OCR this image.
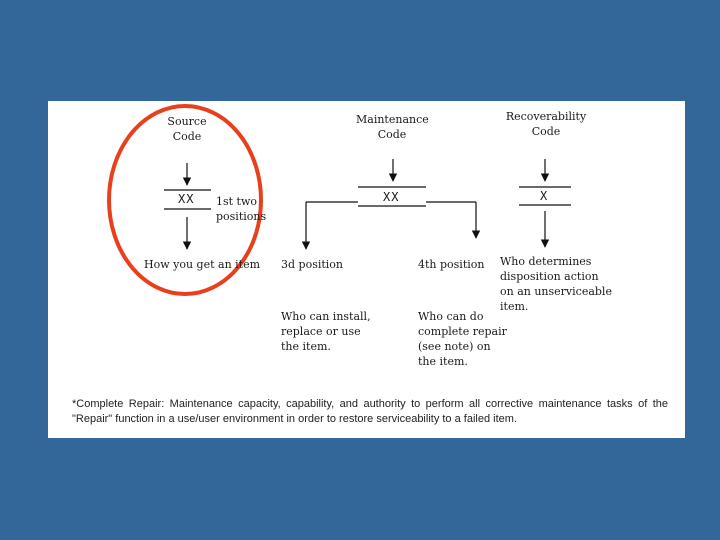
Source
Code
XX 1st two
positions
How you get an item
Maintenance
Code
XX
3d position
Who can install,
replace or use
the item.
4th position
Who can do
complete repair
(see note) on
the item.
Recoverability
Code
X
Who determines
disposition action
on an unserviceable
item.
*Complete Repair: Maintenance capacity, capability, and authority to perform all corrective maintenance tasks of the "Repair" function in a use/user environment in order to restore serviceability to a failed item.
